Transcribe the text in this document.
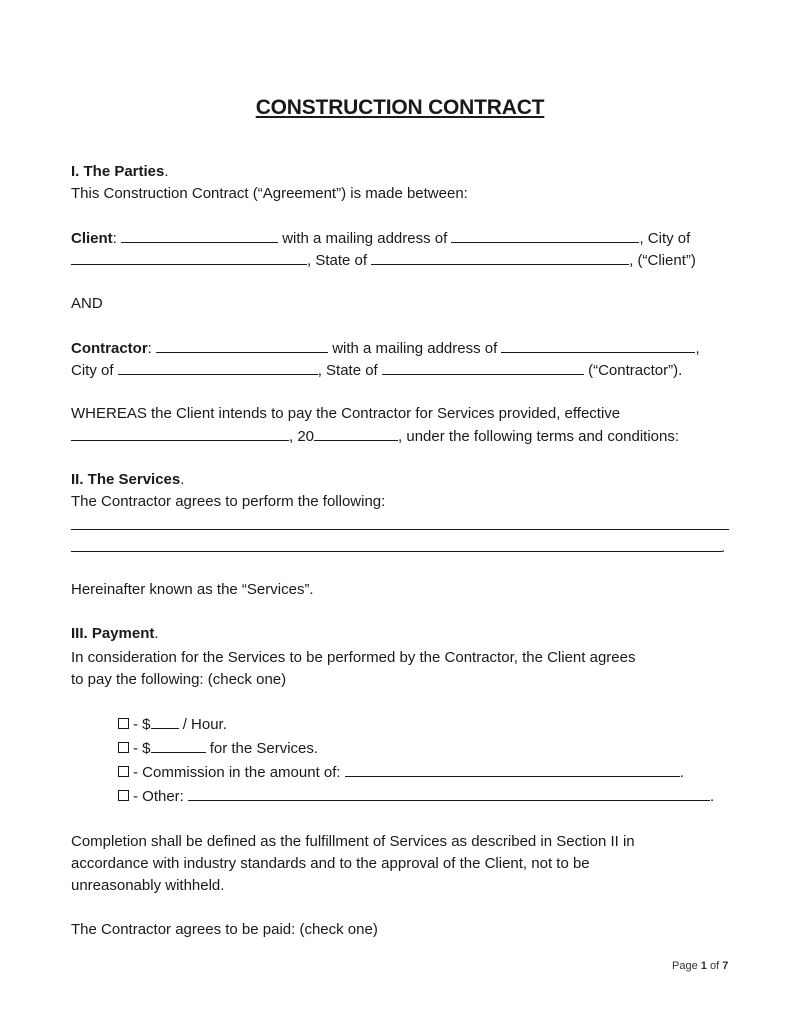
CONSTRUCTION CONTRACT
I. The Parties.
This Construction Contract (“Agreement”) is made between:
Client:	with a mailing address of	, City of
, State of	, (“Client”)
AND
Contractor:	with a mailing address of	,
City of	, State of	(“Contractor”).
WHEREAS the Client intends to pay the Contractor for Services provided, effective
, 20	, under the following terms and conditions:
II. The Services.
The Contractor agrees to perform the following:
.
Hereinafter known as the “Services”.
III. Payment.
In consideration for the Services to be performed by the Contractor, the Client agrees
to pay the following: (check one)
- $ / Hour.
- $	for the Services.
- Commission in the amount of:	.
- Other:	.
Completion shall be defined as the fulfillment of Services as described in Section II in
accordance with industry standards and to the approval of the Client, not to be
unreasonably withheld.
The Contractor agrees to be paid: (check one)
Page 1 of 7
